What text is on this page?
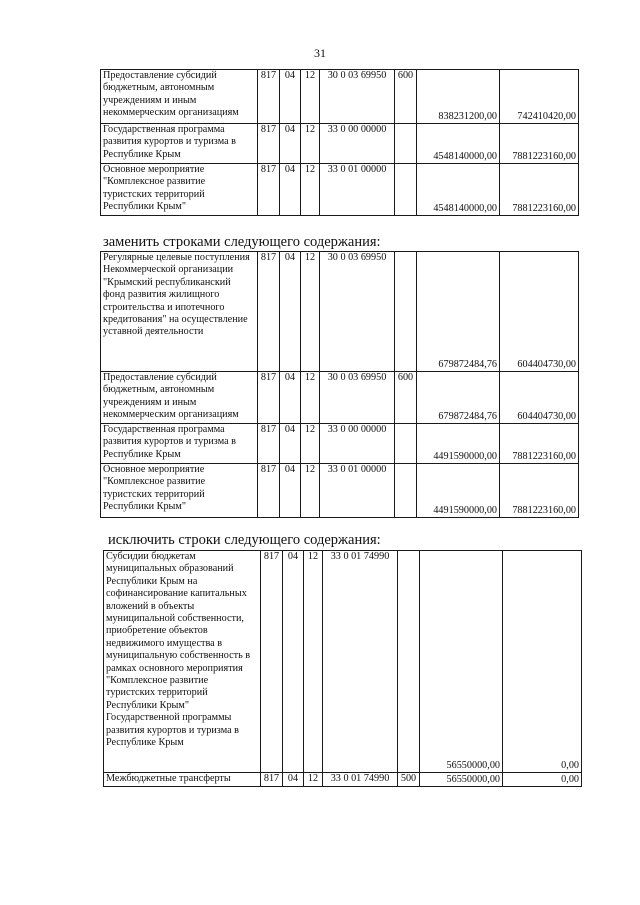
31
Предоставление субсидий бюджетным, автономным учреждениям и иным некоммерческим организациям	817	04	12	30 0 03 69950	600	838231200,00	742410420,00
Государственная программа развития курортов и туризма в Республике Крым	817	04	12	33 0 00 00000		4548140000,00	7881223160,00
Основное мероприятие "Комплексное развитие туристских территорий Республики Крым"	817	04	12	33 0 01 00000		4548140000,00	7881223160,00
заменить строками следующего содержания:
Регулярные целевые поступления Некоммерческой организации "Крымский республиканский фонд развития жилищного строительства и ипотечного кредитования" на осуществление уставной деятельности	817	04	12	30 0 03 69950		679872484,76	604404730,00
Предоставление субсидий бюджетным, автономным учреждениям и иным некоммерческим организациям	817	04	12	30 0 03 69950	600	679872484,76	604404730,00
Государственная программа развития курортов и туризма в Республике Крым	817	04	12	33 0 00 00000		4491590000,00	7881223160,00
Основное мероприятие "Комплексное развитие туристских территорий Республики Крым"	817	04	12	33 0 01 00000		4491590000,00	7881223160,00
исключить строки следующего содержания:
Субсидии бюджетам муниципальных образований Республики Крым на софинансирование капитальных вложений в объекты муниципальной собственности, приобретение объектов недвижимого имущества в муниципальную собственность в рамках основного мероприятия "Комплексное развитие туристских территорий Республики Крым" Государственной программы развития курортов и туризма в Республике Крым	817	04	12	33 0 01 74990		56550000,00	0,00
Межбюджетные трансферты	817	04	12	33 0 01 74990	500	56550000,00	0,00
